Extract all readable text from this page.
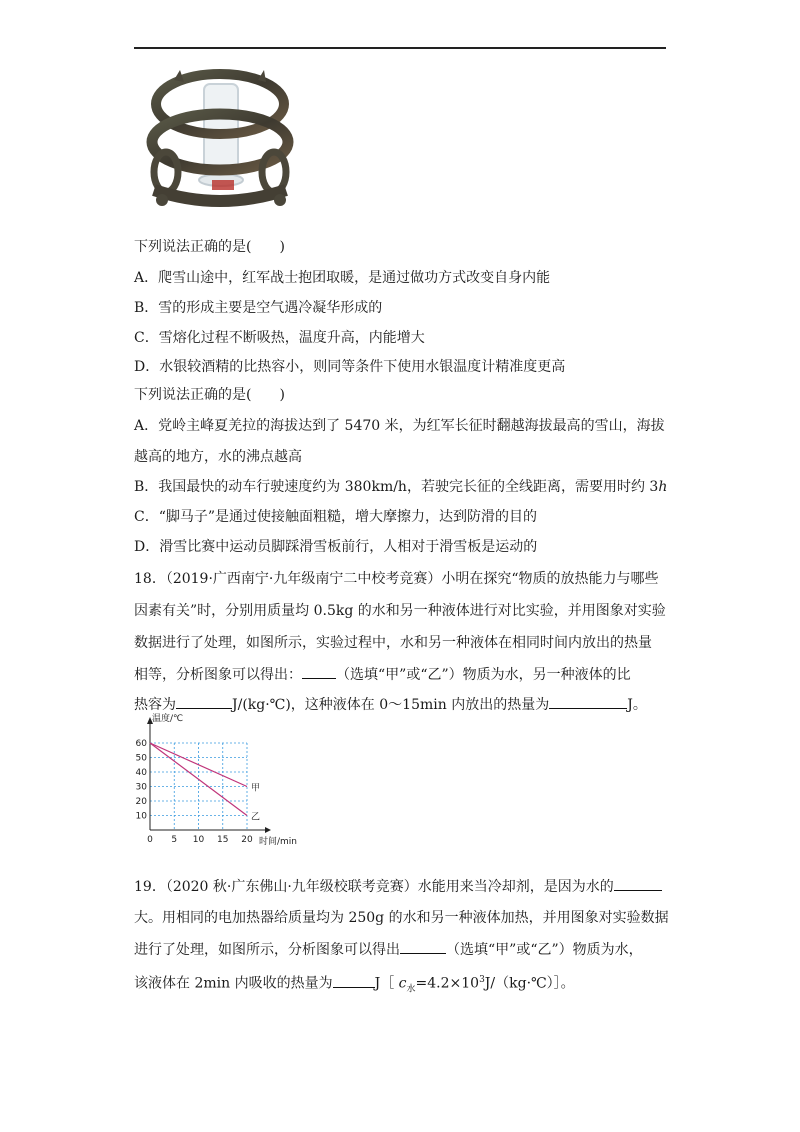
下列说法正确的是(　　)
A．爬雪山途中，红军战士抱团取暖，是通过做功方式改变自身内能
B．雪的形成主要是空气遇冷凝华形成的
C．雪熔化过程不断吸热，温度升高，内能增大
D．水银较酒精的比热容小，则同等条件下使用水银温度计精准度更高
下列说法正确的是(　　)
A．党岭主峰夏羌拉的海拔达到了 5470 米，为红军长征时翻越海拔最高的雪山，海拔
越高的地方，水的沸点越高
B．我国最快的动车行驶速度约为 380km/h，若驶完长征的全线距离，需要用时约 3h
C．“脚马子”是通过使接触面粗糙，增大摩擦力，达到防滑的目的
D．滑雪比赛中运动员脚踩滑雪板前行，人相对于滑雪板是运动的
18．（2019·广西南宁·九年级南宁二中校考竞赛）小明在探究“物质的放热能力与哪些
因素有关”时，分别用质量均 0.5kg 的水和另一种液体进行对比实验，并用图象对实验
数据进行了处理，如图所示，实验过程中，水和另一种液体在相同时间内放出的热量
相等，分析图象可以得出： （选填“甲”或“乙”）物质为水，另一种液体的比
热容为	J/(kg·℃)，这种液体在 0～15min 内放出的热量为	J。
0 5 10 15 20
10
20
30
40
50
60
温度/℃
时间/min
甲
乙
19．（2020 秋·广东佛山·九年级校联考竞赛）水能用来当冷却剂，是因为水的
大。用相同的电加热器给质量均为 250g 的水和另一种液体加热，并用图象对实验数据
进行了处理，如图所示，分析图象可以得出	（选填“甲”或“乙”）物质为水，
该液体在 2min 内吸收的热量为	J［ $c_水=4.2\times 10^3J/(kg\cdot℃)]$。
